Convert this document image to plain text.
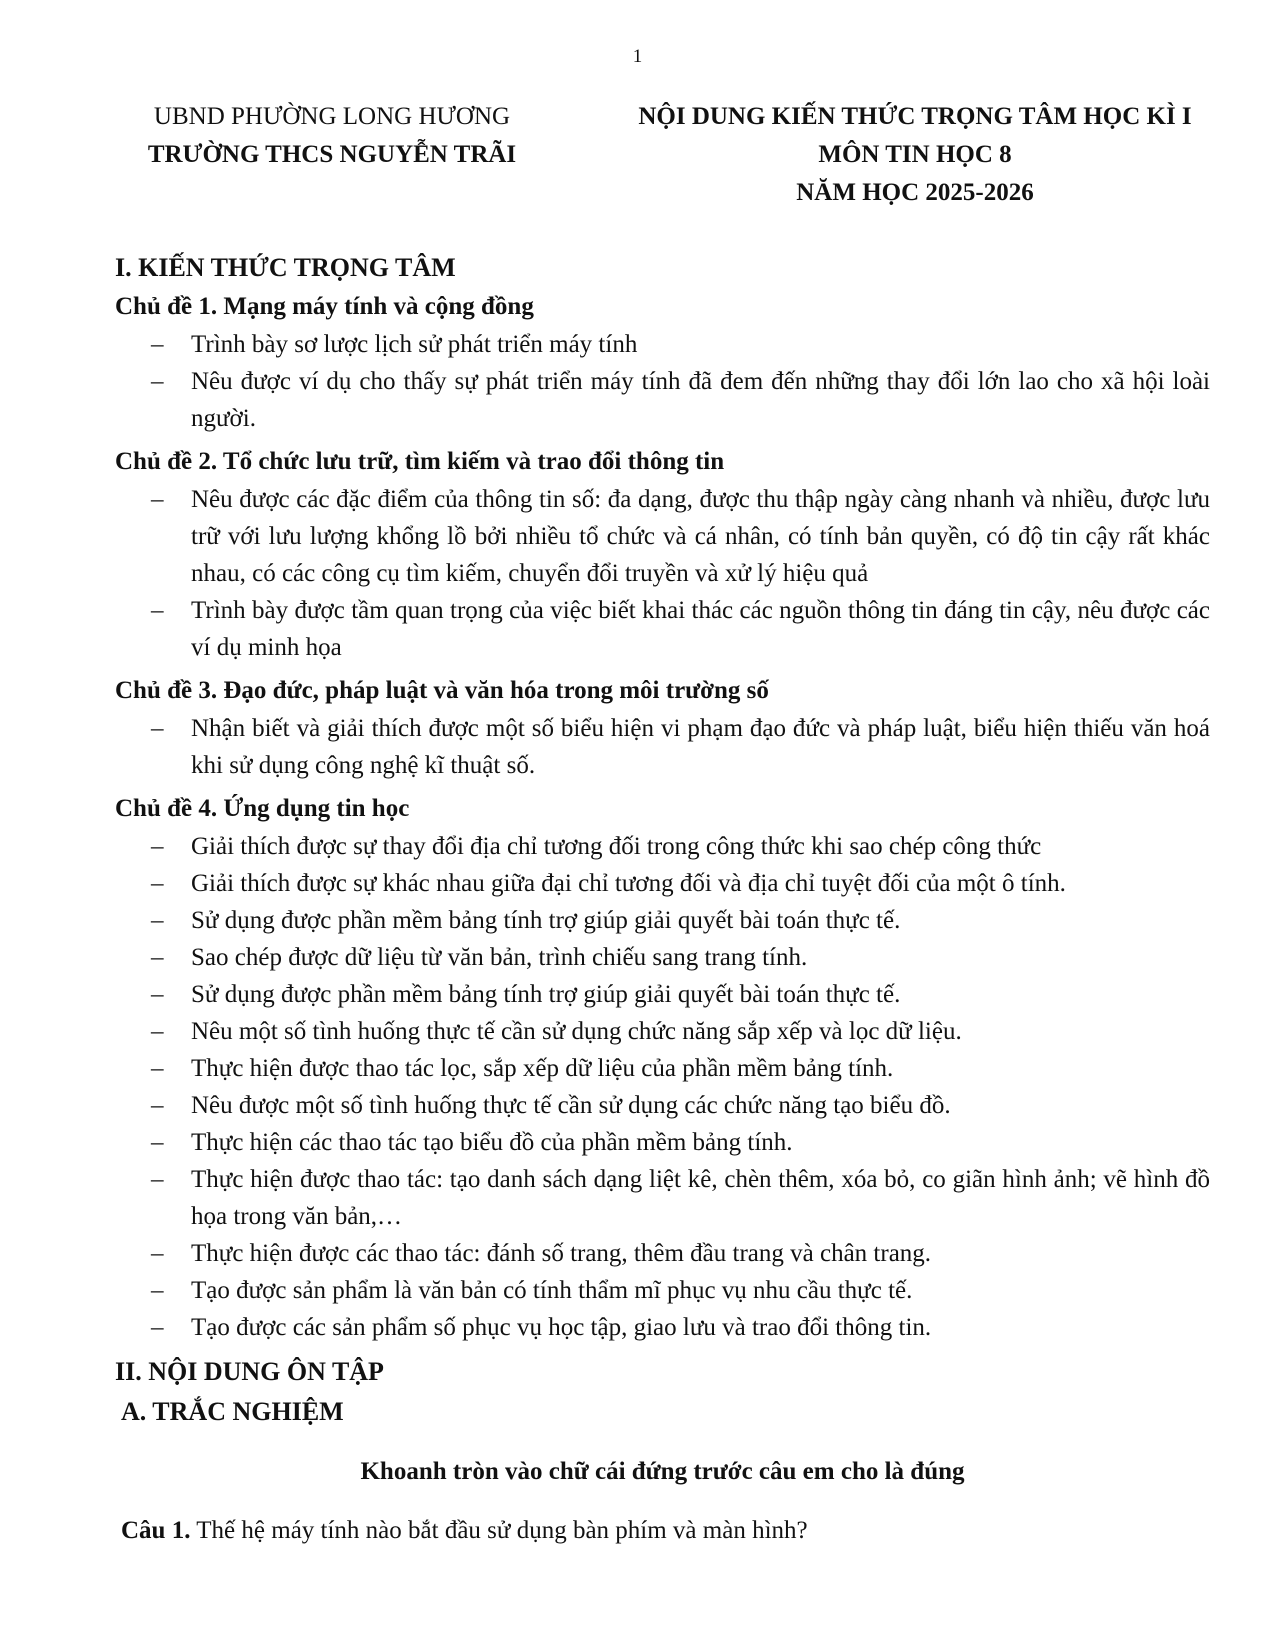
1
UBND PHƯỜNG LONG HƯƠNG
TRƯỜNG THCS NGUYỄN TRÃI
NỘI DUNG KIẾN THỨC TRỌNG TÂM HỌC KÌ I
MÔN TIN HỌC 8
NĂM HỌC 2025-2026
I. KIẾN THỨC TRỌNG TÂM
Chủ đề 1. Mạng máy tính và cộng đồng
– Trình bày sơ lược lịch sử phát triển máy tính
– Nêu được ví dụ cho thấy sự phát triển máy tính đã đem đến những thay đổi lớn lao cho xã hội loài người.
Chủ đề 2. Tổ chức lưu trữ, tìm kiếm và trao đổi thông tin
– Nêu được các đặc điểm của thông tin số: đa dạng, được thu thập ngày càng nhanh và nhiều, được lưu trữ với lưu lượng khổng lồ bởi nhiều tổ chức và cá nhân, có tính bản quyền, có độ tin cậy rất khác nhau, có các công cụ tìm kiếm, chuyển đổi truyền và xử lý hiệu quả
– Trình bày được tầm quan trọng của việc biết khai thác các nguồn thông tin đáng tin cậy, nêu được các ví dụ minh họa
Chủ đề 3. Đạo đức, pháp luật và văn hóa trong môi trường số
– Nhận biết và giải thích được một số biểu hiện vi phạm đạo đức và pháp luật, biểu hiện thiếu văn hoá khi sử dụng công nghệ kĩ thuật số.
Chủ đề 4. Ứng dụng tin học
– Giải thích được sự thay đổi địa chỉ tương đối trong công thức khi sao chép công thức
– Giải thích được sự khác nhau giữa đại chỉ tương đối và địa chỉ tuyệt đối của một ô tính.
– Sử dụng được phần mềm bảng tính trợ giúp giải quyết bài toán thực tế.
– Sao chép được dữ liệu từ văn bản, trình chiếu sang trang tính.
– Sử dụng được phần mềm bảng tính trợ giúp giải quyết bài toán thực tế.
– Nêu một số tình huống thực tế cần sử dụng chức năng sắp xếp và lọc dữ liệu.
– Thực hiện được thao tác lọc, sắp xếp dữ liệu của phần mềm bảng tính.
– Nêu được một số tình huống thực tế cần sử dụng các chức năng tạo biểu đồ.
– Thực hiện các thao tác tạo biểu đồ của phần mềm bảng tính.
– Thực hiện được thao tác: tạo danh sách dạng liệt kê, chèn thêm, xóa bỏ, co giãn hình ảnh; vẽ hình đồ họa trong văn bản,…
– Thực hiện được các thao tác: đánh số trang, thêm đầu trang và chân trang.
– Tạo được sản phẩm là văn bản có tính thẩm mĩ phục vụ nhu cầu thực tế.
– Tạo được các sản phẩm số phục vụ học tập, giao lưu và trao đổi thông tin.
II. NỘI DUNG ÔN TẬP
A. TRẮC NGHIỆM
Khoanh tròn vào chữ cái đứng trước câu em cho là đúng
Câu 1. Thế hệ máy tính nào bắt đầu sử dụng bàn phím và màn hình?
